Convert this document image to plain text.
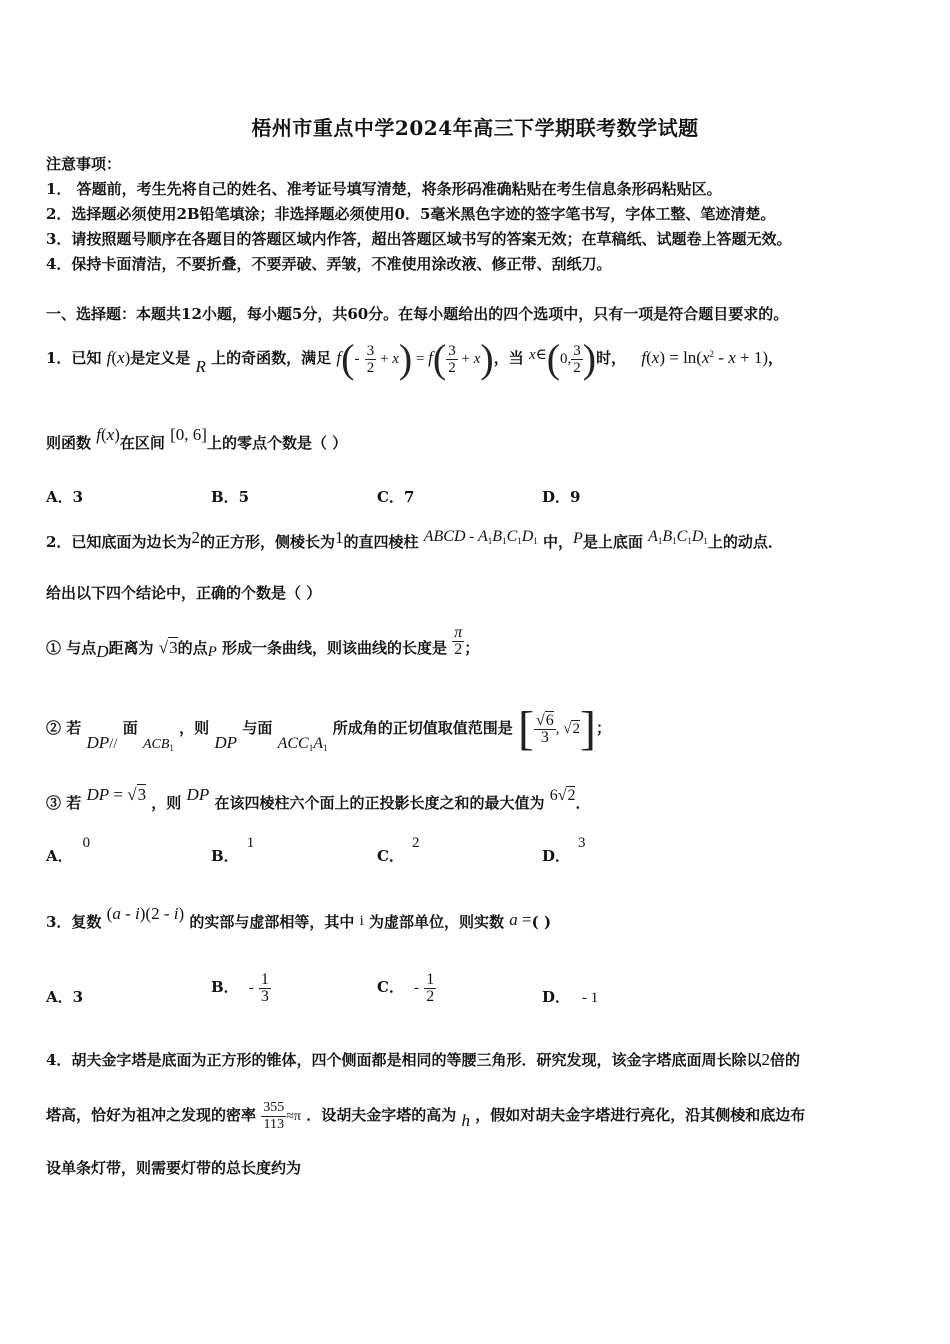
梧州市重点中学2024年高三下学期联考数学试题
注意事项：
1． 答题前，考生先将自己的姓名、准考证号填写清楚，将条形码准确粘贴在考生信息条形码粘贴区。
2．选择题必须使用2B铅笔填涂；非选择题必须使用0．5毫米黑色字迹的签字笔书写，字体工整、笔迹清楚。
3．请按照题号顺序在各题目的答题区域内作答，超出答题区域书写的答案无效；在草稿纸、试题卷上答题无效。
4．保持卡面清洁，不要折叠，不要弄破、弄皱，不准使用涂改液、修正带、刮纸刀。
一、选择题：本题共12小题，每小题5分，共60分。在每小题给出的四个选项中，只有一项是符合题目要求的。
1．已知 f(x)是定义是 R 上的奇函数，满足 $f(- \frac{3}{2} + x) = f( \frac{3}{2} + x)$，当 x∈(0, $\frac{3}{2}$ )时， $f(x) = \ln(x^2 - x + 1)$，
则函数 f(x)在区间 [0, 6]上的零点个数是（ ）
A．3	B．5	C．7	D．9
2．已知底面为边长为2的正方形，侧棱长为1的直四棱柱 ABCD - $A^1B^1C^1D^1$ 中，P是上底面 $A^1B^1C^1D^1$上的动点．
给出以下四个结论中，正确的个数是（ ）
① 与点D距离为 √3的点P 形成一条曲线，则该曲线的长度是 $\frac{\pi}{2}$ ；
② 若 DP// 面 $ACB_1$ ，则 DP 与面 $ACC_1A_1$ 所成角的正切值取值范围是 [ $\frac{√6}{3}$ , √2]；
③ 若 DP = √3 ，则 DP 在该四棱柱六个面上的正投影长度之和的最大值为 6√2．
A．0
B．1
C．2
D．3
3．复数 (a - i)(2 - i) 的实部与虚部相等，其中 i 为虚部单位，则实数 a =( )
A．3
B． - $\frac{1}{3}$	C． - $\frac{1}{2}$	D． - 1
4．胡夫金字塔是底面为正方形的锥体，四个侧面都是相同的等腰三角形．研究发现，该金字塔底面周长除以2倍的
塔高，恰好为祖冲之发现的密率 $\frac{355}{113} \approx\pi$ ．设胡夫金字塔的高为 h ，假如对胡夫金字塔进行亮化，沿其侧棱和底边布
设单条灯带，则需要灯带的总长度约为
